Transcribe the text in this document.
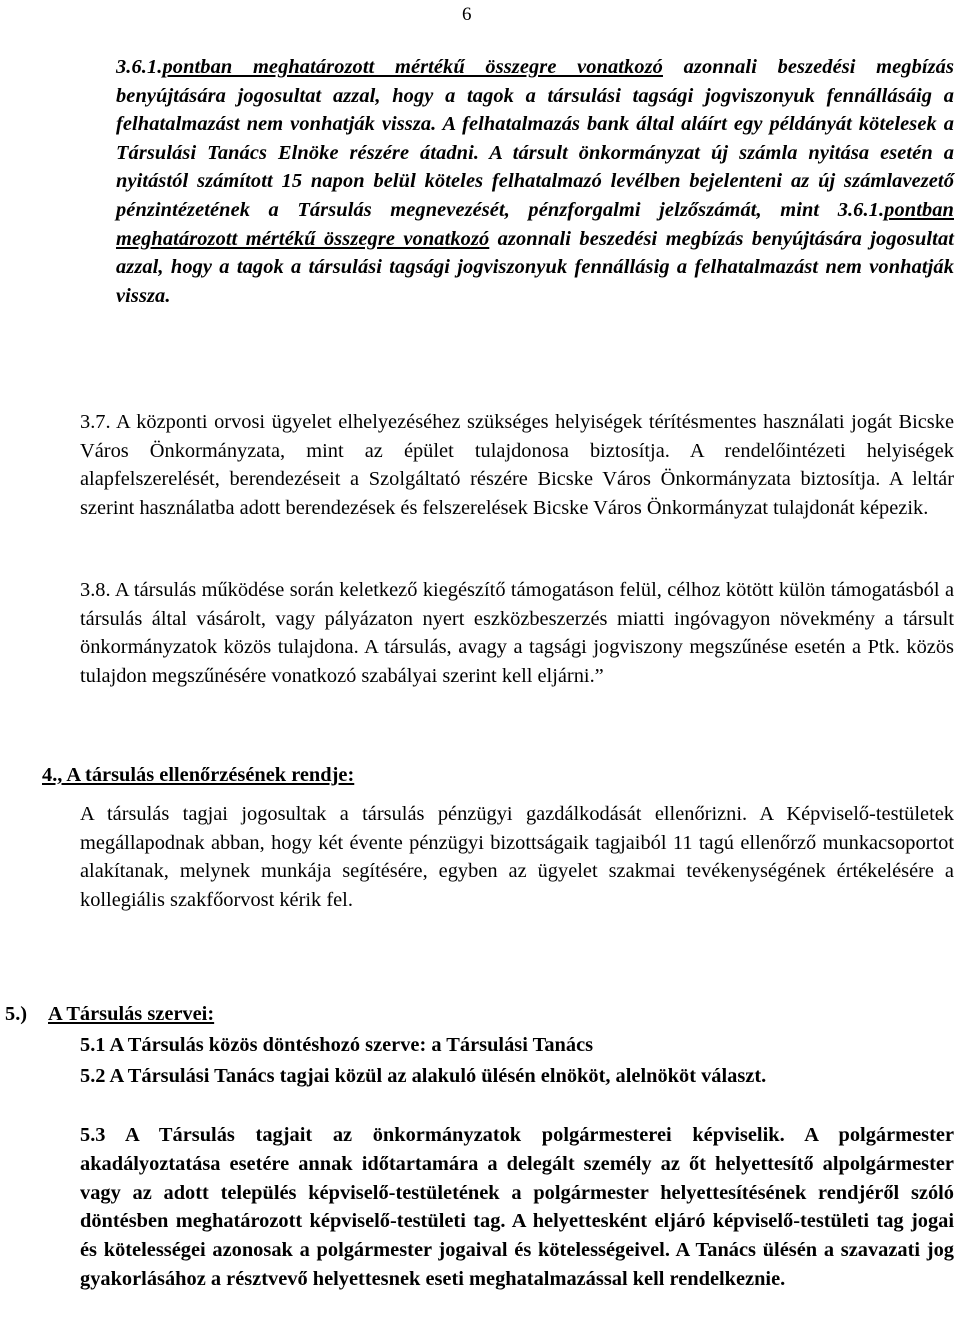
6
3.6.1.pontban meghatározott mértékű összegre vonatkozó azonnali beszedési megbízás benyújtására jogosultat azzal, hogy a tagok a társulási tagsági jogviszonyuk fennállásáig a felhatalmazást nem vonhatják vissza. A felhatalmazás bank által aláírt egy példányát kötelesek a Társulási Tanács Elnöke részére átadni. A társult önkormányzat új számla nyitása esetén a nyitástól számított 15 napon belül köteles felhatalmazó levélben bejelenteni az új számlavezető pénzintézetének a Társulás megnevezését, pénzforgalmi jelzőszámát, mint 3.6.1.pontban meghatározott mértékű összegre vonatkozó azonnali beszedési megbízás benyújtására jogosultat azzal, hogy a tagok a társulási tagsági jogviszonyuk fennállásig a felhatalmazást nem vonhatják vissza.
3.7. A központi orvosi ügyelet elhelyezéséhez szükséges helyiségek térítésmentes használati jogát Bicske Város Önkormányzata, mint az épület tulajdonosa biztosítja. A rendelőintézeti helyiségek alapfelszerelését, berendezéseit a Szolgáltató részére Bicske Város Önkormányzata biztosítja. A leltár szerint használatba adott berendezések és felszerelések Bicske Város Önkormányzat tulajdonát képezik.
3.8. A társulás működése során keletkező kiegészítő támogatáson felül, célhoz kötött külön támogatásból a társulás által vásárolt, vagy pályázaton nyert eszközbeszerzés miatti ingóvagyon növekmény a társult önkormányzatok közös tulajdona. A társulás, avagy a tagsági jogviszony megszűnése esetén a Ptk. közös tulajdon megszűnésére vonatkozó szabályai szerint kell eljárni.”
4., A társulás ellenőrzésének rendje:
A társulás tagjai jogosultak a társulás pénzügyi gazdálkodását ellenőrizni. A Képviselő-testületek megállapodnak abban, hogy két évente pénzügyi bizottságaik tagjaiból 11 tagú ellenőrző munkacsoportot alakítanak, melynek munkája segítésére, egyben az ügyelet szakmai tevékenységének értékelésére a kollegiális szakfőorvost kérik fel.
5.) A Társulás szervei:
5.1 A Társulás közös döntéshozó szerve: a Társulási Tanács
5.2 A Társulási Tanács tagjai közül az alakuló ülésén elnököt, alelnököt választ.
5.3 A Társulás tagjait az önkormányzatok polgármesterei képviselik. A polgármester akadályoztatása esetére annak időtartamára a delegált személy az őt helyettesítő alpolgármester vagy az adott település képviselő-testületének a polgármester helyettesítésének rendjéről szóló döntésben meghatározott képviselő-testületi tag. A helyettesként eljáró képviselő-testületi tag jogai és kötelességei azonosak a polgármester jogaival és kötelességeivel. A Tanács ülésén a szavazati jog gyakorlásához a résztvevő helyettesnek eseti meghatalmazással kell rendelkeznie.
